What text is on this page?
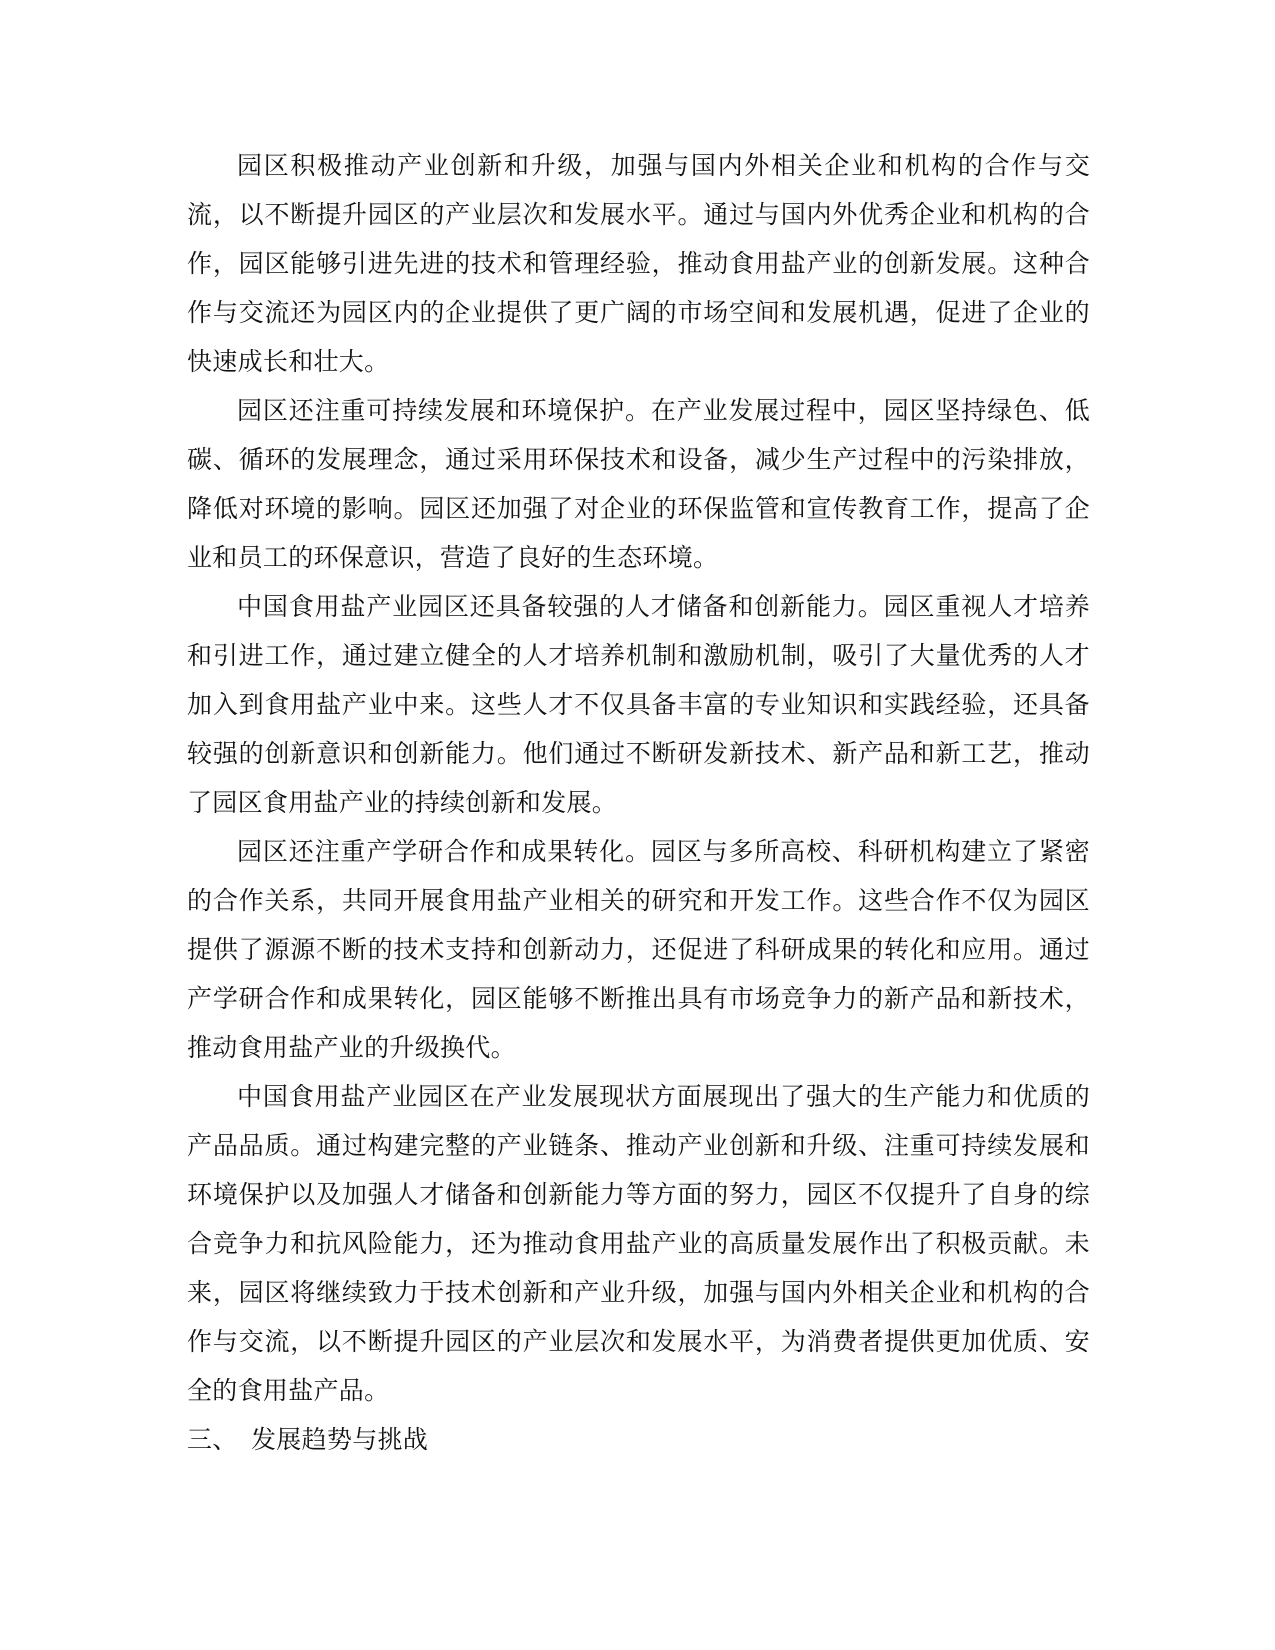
园区积极推动产业创新和升级，加强与国内外相关企业和机构的合作与交流，以不断提升园区的产业层次和发展水平。通过与国内外优秀企业和机构的合作，园区能够引进先进的技术和管理经验，推动食用盐产业的创新发展。这种合作与交流还为园区内的企业提供了更广阔的市场空间和发展机遇，促进了企业的快速成长和壮大。

园区还注重可持续发展和环境保护。在产业发展过程中，园区坚持绿色、低碳、循环的发展理念，通过采用环保技术和设备，减少生产过程中的污染排放，降低对环境的影响。园区还加强了对企业的环保监管和宣传教育工作，提高了企业和员工的环保意识，营造了良好的生态环境。

中国食用盐产业园区还具备较强的人才储备和创新能力。园区重视人才培养和引进工作，通过建立健全的人才培养机制和激励机制，吸引了大量优秀的人才加入到食用盐产业中来。这些人才不仅具备丰富的专业知识和实践经验，还具备较强的创新意识和创新能力。他们通过不断研发新技术、新产品和新工艺，推动了园区食用盐产业的持续创新和发展。

园区还注重产学研合作和成果转化。园区与多所高校、科研机构建立了紧密的合作关系，共同开展食用盐产业相关的研究和开发工作。这些合作不仅为园区提供了源源不断的技术支持和创新动力，还促进了科研成果的转化和应用。通过产学研合作和成果转化，园区能够不断推出具有市场竞争力的新产品和新技术，推动食用盐产业的升级换代。

中国食用盐产业园区在产业发展现状方面展现出了强大的生产能力和优质的产品品质。通过构建完整的产业链条、推动产业创新和升级、注重可持续发展和环境保护以及加强人才储备和创新能力等方面的努力，园区不仅提升了自身的综合竞争力和抗风险能力，还为推动食用盐产业的高质量发展作出了积极贡献。未来，园区将继续致力于技术创新和产业升级，加强与国内外相关企业和机构的合作与交流，以不断提升园区的产业层次和发展水平，为消费者提供更加优质、安全的食用盐产品。

三、 发展趋势与挑战
